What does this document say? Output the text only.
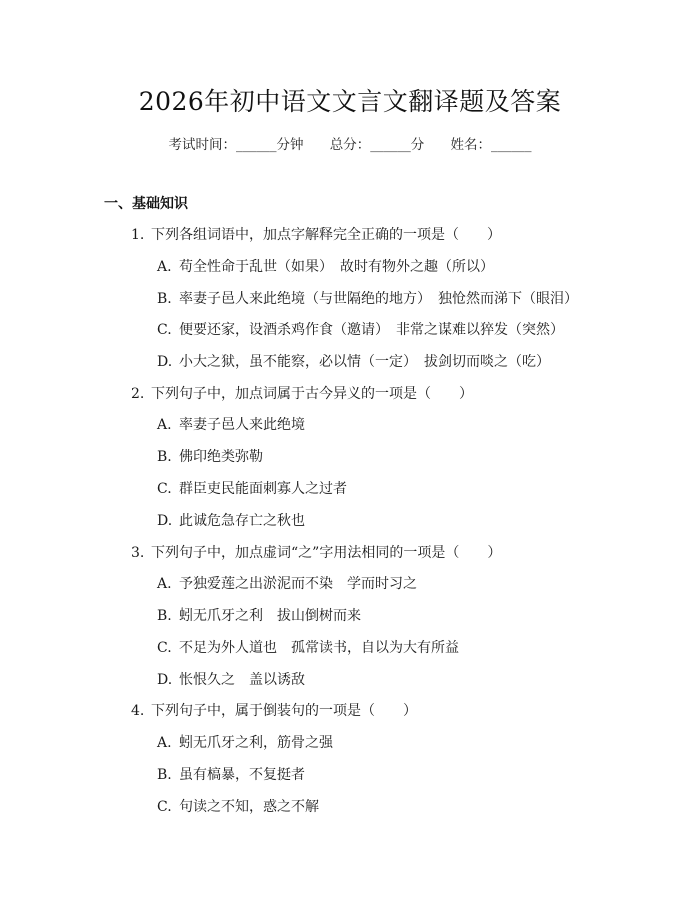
2026年初中语文文言文翻译题及答案
考试时间：______分钟 总分：______分 姓名：______
一、基础知识
1. 下列各组词语中，加点字解释完全正确的一项是（　　）
A. 苟全性命于乱世（如果）　故时有物外之趣（所以）
B. 率妻子邑人来此绝境（与世隔绝的地方）　独怆然而涕下（眼泪）
C. 便要还家，设酒杀鸡作食（邀请）　非常之谋难以猝发（突然）
D. 小大之狱，虽不能察，必以情（一定）　拔剑切而啖之（吃）
2. 下列句子中，加点词属于古今异义的一项是（　　）
A. 率妻子邑人来此绝境
B. 佛印绝类弥勒
C. 群臣吏民能面刺寡人之过者
D. 此诚危急存亡之秋也
3. 下列句子中，加点虚词“之”字用法相同的一项是（　　）
A. 予独爱莲之出淤泥而不染　学而时习之
B. 蚓无爪牙之利　拔山倒树而来
C. 不足为外人道也　孤常读书，自以为大有所益
D. 怅恨久之　盖以诱敌
4. 下列句子中，属于倒装句的一项是（　　）
A. 蚓无爪牙之利，筋骨之强
B. 虽有槁暴，不复挺者
C. 句读之不知，惑之不解
